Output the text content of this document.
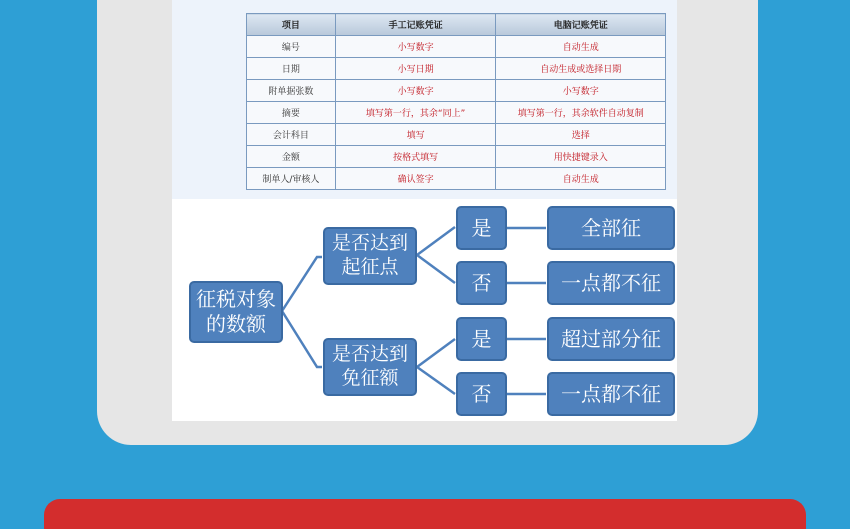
项目	手工记账凭证	电脑记账凭证
编号	小写数字	自动生成
日期	小写日期	自动生成或选择日期
附单据张数	小写数字	小写数字
摘要	填写第一行，其余“同上”	填写第一行，其余软件自动复制
会计科目	填写	选择
金额	按格式填写	用快捷键录入
制单人/审核人	确认签字	自动生成
征税对象
的数额
是否达到
起征点
是否达到
免征额
是
否
是
否
全部征
一点都不征
超过部分征
一点都不征
